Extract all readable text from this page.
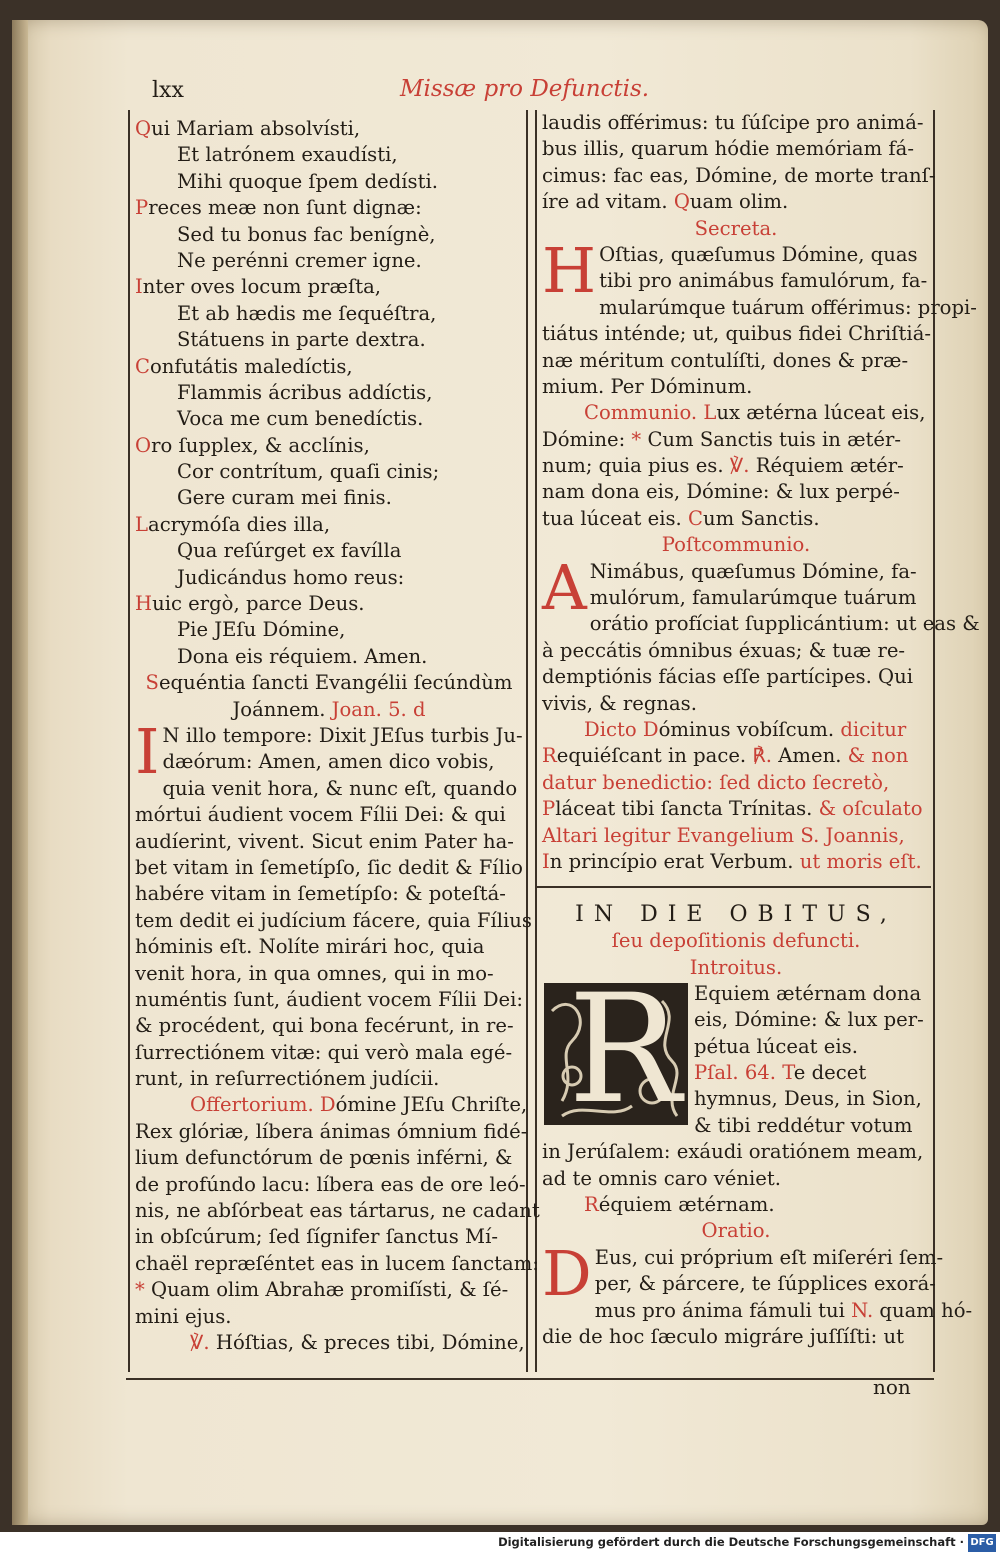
lxx	Missæ pro Defunctis.
Qui Mariam absolvísti,
Et latrónem exaudísti,
Mihi quoque ſpem dedísti.
Preces meæ non ſunt dignæ:
Sed tu bonus fac benígnè,
Ne perénni cremer igne.
Inter oves locum præſta,
Et ab hædis me ſequéſtra,
Státuens in parte dextra.
Confutátis maledíctis,
Flammis ácribus addíctis,
Voca me cum benedíctis.
Oro ſupplex, & acclínis,
Cor contrítum, quaſi cinis;
Gere curam mei finis.
Lacrymóſa dies illa,
Qua reſúrget ex favílla
Judicándus homo reus:
Huic ergò, parce Deus.
Pie JEſu Dómine,
Dona eis réquiem. Amen.
Sequéntia ſancti Evangélii ſecúndùm
Joánnem. Joan. 5. d
I N illo tempore: Dixit JEſus turbis Ju-
dæórum: Amen, amen dico vobis,
quia venit hora, & nunc eſt, quando
mórtui áudient vocem Fílii Dei: & qui
audíerint, vivent. Sicut enim Pater ha-
bet vitam in ſemetípſo, ſic dedit & Fílio
habére vitam in ſemetípſo: & poteſtá-
tem dedit ei judícium fácere, quia Fílius
hóminis eſt. Nolíte mirári hoc, quia
venit hora, in qua omnes, qui in mo-
numéntis ſunt, áudient vocem Fílii Dei:
& procédent, qui bona fecérunt, in re-
ſurrectiónem vitæ: qui verò mala egé-
runt, in reſurrectiónem judícii.
Offertorium. Dómine JEſu Chriſte,
Rex glóriæ, líbera ánimas ómnium fidé-
lium defunctórum de pœnis inférni, &
de profúndo lacu: líbera eas de ore leó-
nis, ne abſórbeat eas tártarus, ne cadant
in obſcúrum; ſed ſígnifer ſanctus Mí-
chaël repræſéntet eas in lucem ſanctam:
* Quam olim Abrahæ promiſísti, & ſé-
mini ejus.
℣. Hóſtias, & preces tibi, Dómine,
laudis offérimus: tu ſúſcipe pro animá-
bus illis, quarum hódie memóriam fá-
cimus: fac eas, Dómine, de morte tranſ-
íre ad vitam. Quam olim.
Secreta.
H Oſtias, quæſumus Dómine, quas
tibi pro animábus famulórum, fa-
mularúmque tuárum offérimus: propi-
tiátus inténde; ut, quibus fidei Chriſtiá-
næ méritum contulíſti, dones & præ-
mium. Per Dóminum.
Communio. Lux ætérna lúceat eis,
Dómine: * Cum Sanctis tuis in ætér-
num; quia pius es. ℣. Réquiem ætér-
nam dona eis, Dómine: & lux perpé-
tua lúceat eis. Cum Sanctis.
Poſtcommunio.
A Nimábus, quæſumus Dómine, fa-
mulórum, famularúmque tuárum
orátio profíciat ſupplicántium: ut eas &
à peccátis ómnibus éxuas; & tuæ re-
demptiónis fácias eſſe partícipes. Qui
vivis, & regnas.
Dicto Dóminus vobíſcum. dicitur
Requiéſcant in pace. ℟. Amen. & non
datur benedictio: ſed dicto ſecretò,
Pláceat tibi ſancta Trínitas. & oſculato
Altari legitur Evangelium S. Joannis,
In princípio erat Verbum. ut moris eſt.
IN DIE OBITUS,
ſeu depoſitionis defuncti.
Introitus.
R Equiem ætérnam dona
eis, Dómine: & lux per-
pétua lúceat eis.
Pſal. 64. Te decet
hymnus, Deus, in Sion,
& tibi reddétur votum
in Jerúſalem: exáudi oratiónem meam,
ad te omnis caro véniet.
Réquiem ætérnam.
Oratio.
D Eus, cui próprium eſt miſeréri ſem-
per, & párcere, te ſúpplices exorá-
mus pro ánima fámuli tui N. quam hó-
die de hoc ſæculo migráre juſſíſti: ut
non
Digitalisierung gefördert durch die Deutsche Forschungsgemeinschaft · DFG
